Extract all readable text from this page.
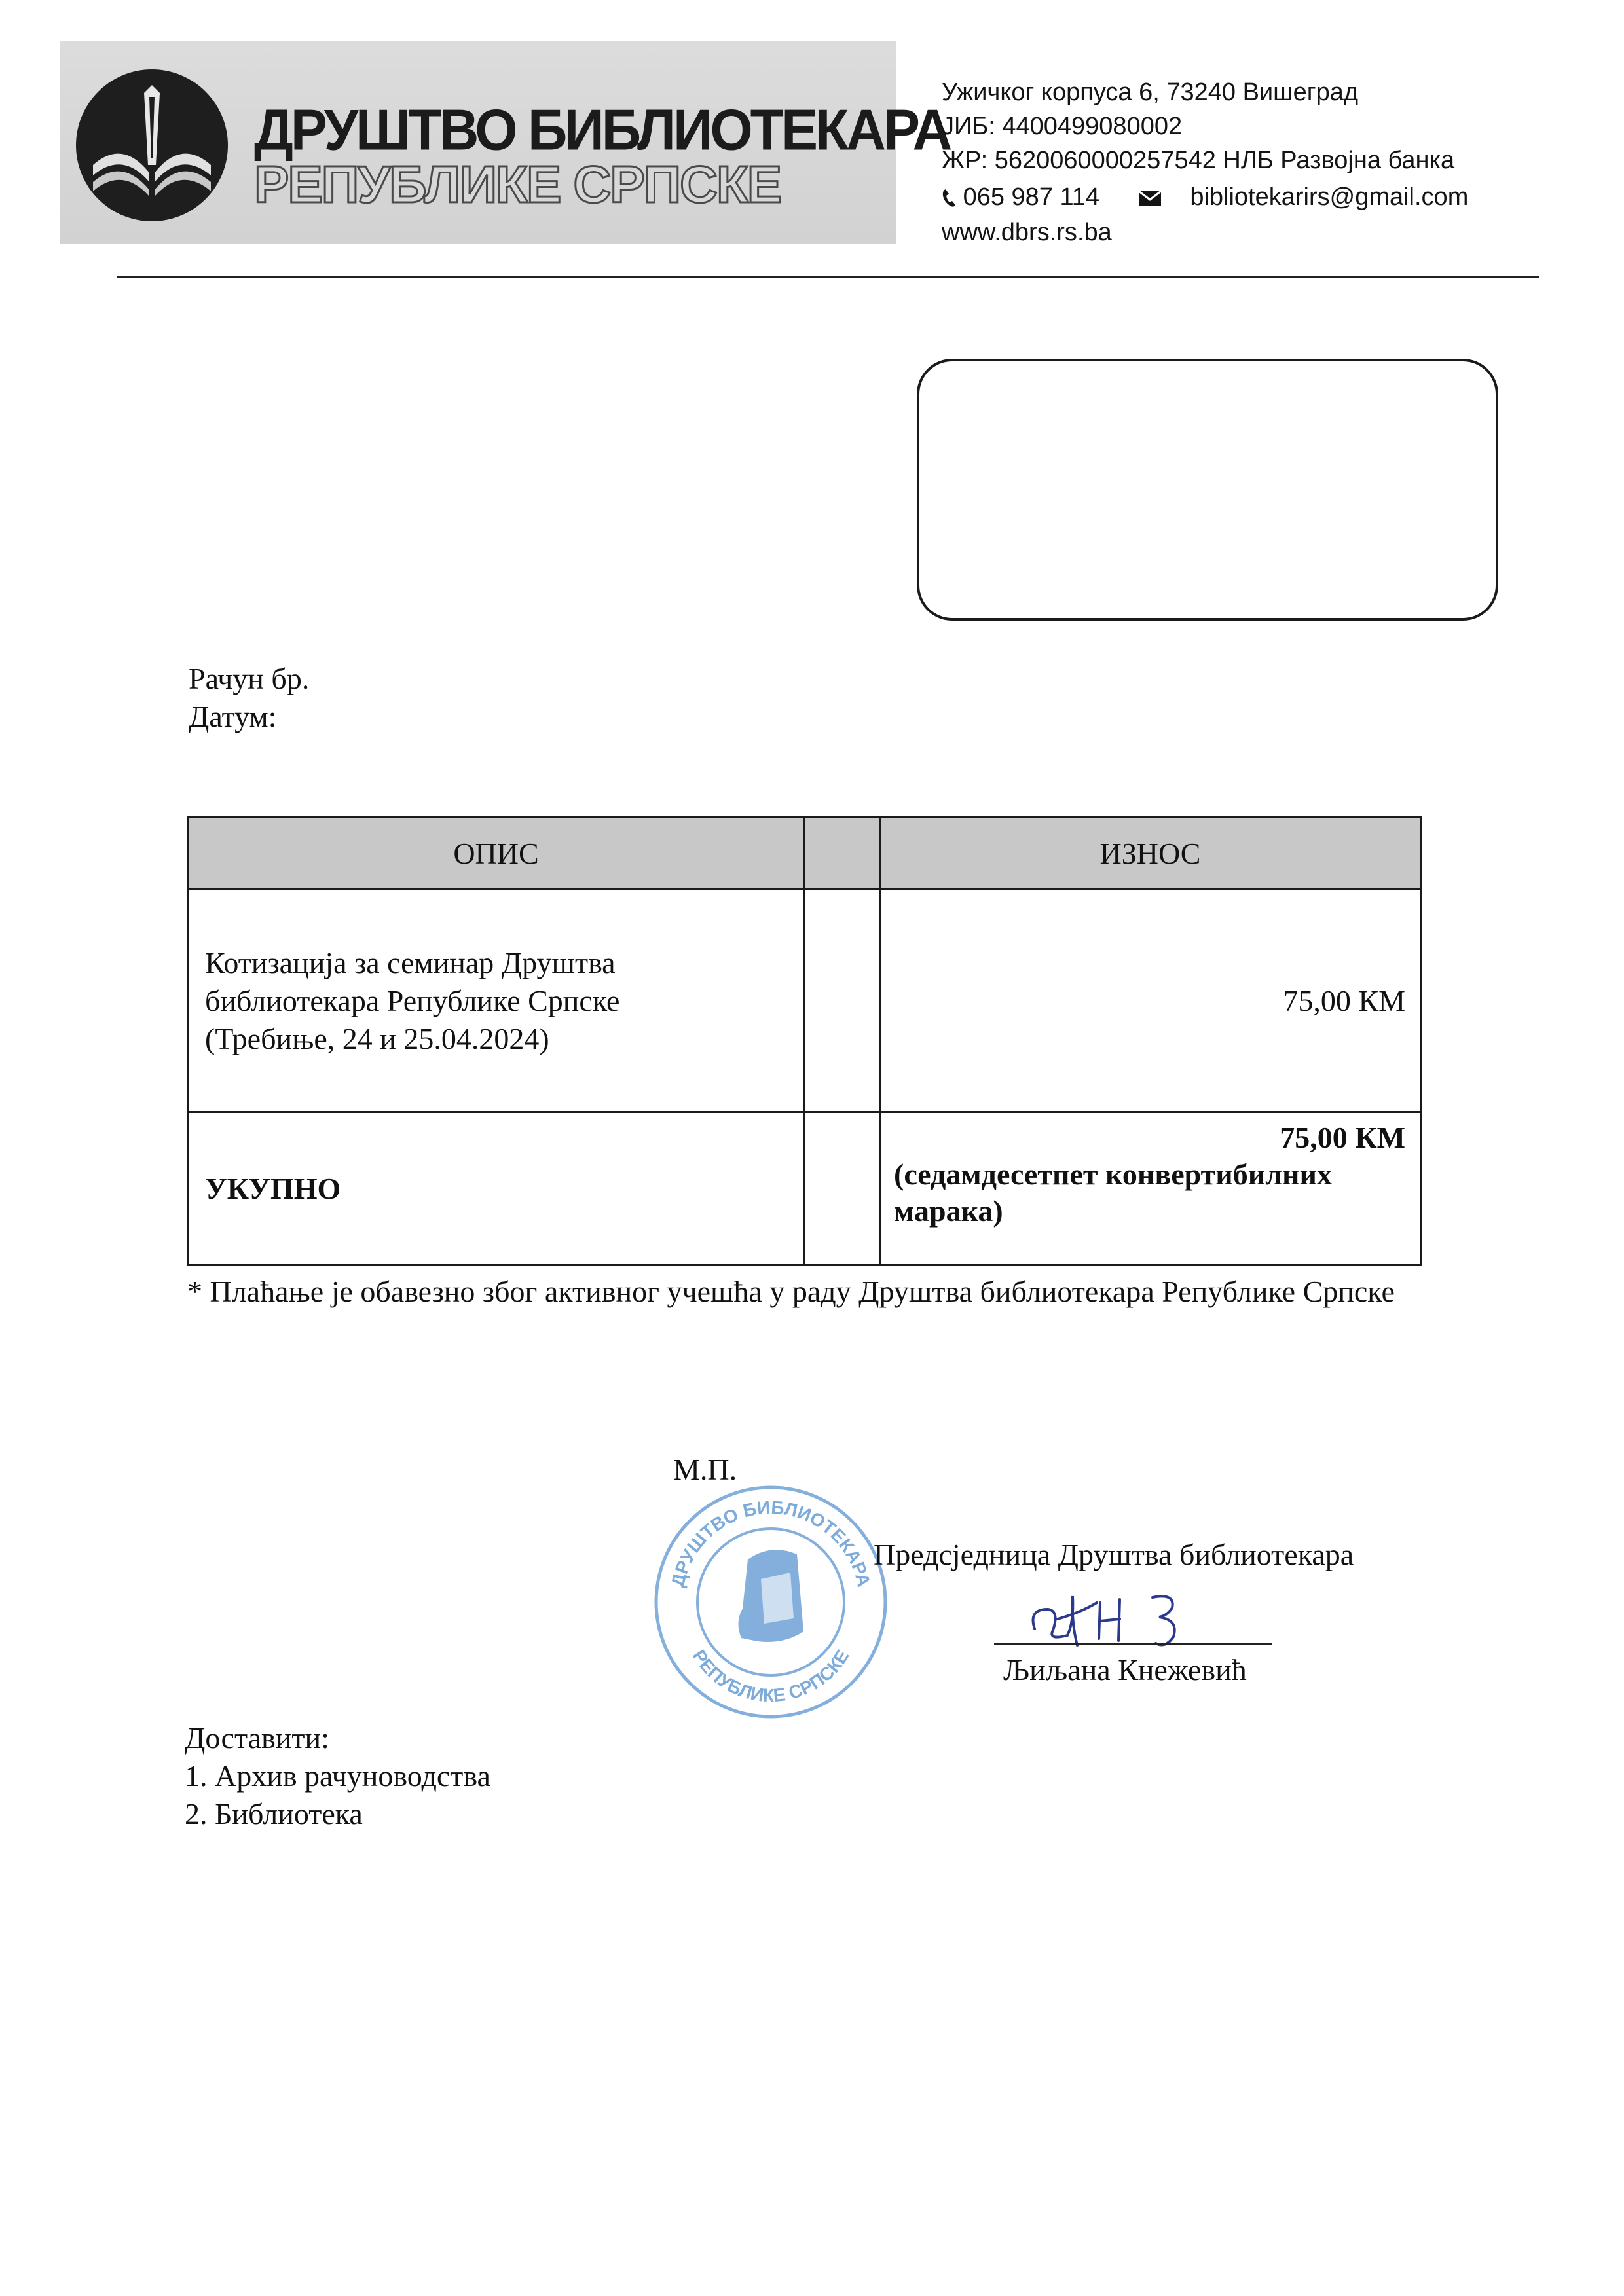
ДРУШТВО БИБЛИОТЕКАРА
РЕПУБЛИКЕ СРПСКЕ
Ужичког корпуса 6, 73240 Вишеград
ЈИБ: 4400499080002
ЖР: 5620060000257542 НЛБ Развојна банка
065 987 114	bibliotekarirs@gmail.com
www.dbrs.rs.ba
Рачун бр.
Датум:
ОПИС		ИЗНОС

Котизација за семинар Друштва
библиотекара Републике Српске
(Требиње, 24 и 25.04.2024)		75,00 КМ
УКУПНО		75,00 КМ
(седамдесетпет конвертибилних
марака)
* Плаћање је обавезно због активног учешћа у раду Друштва библиотекара Републике Српске
М.П.
ДРУШТВО БИБЛИОТЕКАРА
РЕПУБЛИКЕ СРПСКЕ
Предсједница Друштва библиотекара
Љиљана Кнежевић
Доставити:
1. Архив рачуноводства
2. Библиотека
